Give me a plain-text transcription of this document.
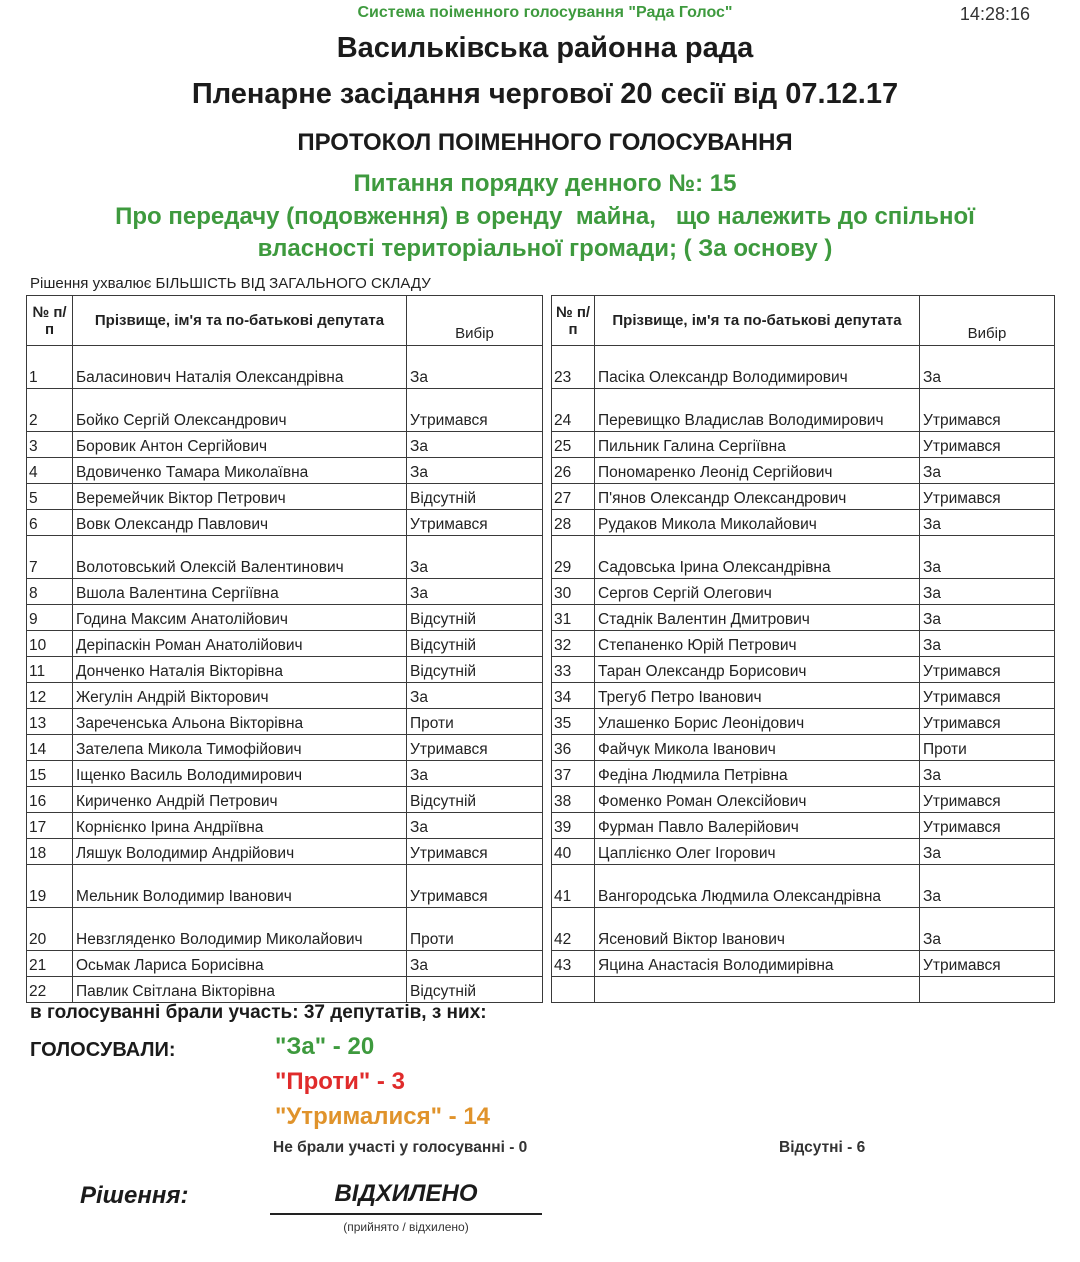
Система поіменного голосування "Рада Голос"	14:28:16
Васильківська районна рада
Пленарне засідання чергової 20 сесії від 07.12.17
ПРОТОКОЛ ПОІМЕННОГО ГОЛОСУВАННЯ
Питання порядку денного №: 15
Про передачу (подовження) в оренду  майна,   що належить до спільної
власності територіальної громади; ( За основу )
Рішення ухвалює БІЛЬШІСТЬ ВІД ЗАГАЛЬНОГО СКЛАДУ
№ п/п	Прізвище, ім'я та по-батькові депутата	Вибір
1	Баласинович Наталія Олександрівна	За
2	Бойко Сергій Олександрович	Утримався
3	Боровик Антон Сергійович	За
4	Вдовиченко Тамара Миколаївна	За
5	Веремейчик Віктор Петрович	Відсутній
6	Вовк Олександр Павлович	Утримався
7	Волотовський Олексій Валентинович	За
8	Вшола Валентина Сергіївна	За
9	Година Максим Анатолійович	Відсутній
10	Деріпаскін Роман Анатолійович	Відсутній
11	Донченко Наталія Вікторівна	Відсутній
12	Жегулін Андрій Вікторович	За
13	Зареченська Альона Вікторівна	Проти
14	Зателепа Микола Тимофійович	Утримався
15	Іщенко Василь Володимирович	За
16	Кириченко Андрій Петрович	Відсутній
17	Корнієнко Ірина Андріївна	За
18	Ляшук Володимир Андрійович	Утримався
19	Мельник Володимир Іванович	Утримався
20	Невзгляденко Володимир Миколайович	Проти
21	Осьмак Лариса Борисівна	За
22	Павлик Світлана Вікторівна	Відсутній
№ п/п	Прізвище, ім'я та по-батькові депутата	Вибір
23	Пасіка Олександр Володимирович	За
24	Перевищко Владислав Володимирович	Утримався
25	Пильник Галина Сергіївна	Утримався
26	Пономаренко Леонід Сергійович	За
27	П'янов Олександр Олександрович	Утримався
28	Рудаков Микола Миколайович	За
29	Садовська Ірина Олександрівна	За
30	Сергов Сергій Олегович	За
31	Стаднік Валентин Дмитрович	За
32	Степаненко Юрій Петрович	За
33	Таран Олександр Борисович	Утримався
34	Трегуб Петро Іванович	Утримався
35	Улашенко Борис Леонідович	Утримався
36	Файчук Микола Іванович	Проти
37	Федіна Людмила Петрівна	За
38	Фоменко Роман Олексійович	Утримався
39	Фурман Павло Валерійович	Утримався
40	Цаплієнко Олег Ігорович	За
41	Вангородська Людмила Олександрівна	За
42	Ясеновий Віктор Іванович	За
43	Яцина Анастасія Володимирівна	Утримався

в голосуванні брали участь: 37 депутатів, з них:
ГОЛОСУВАЛИ:	"За" - 20
"Проти" - 3
"Утрималися" - 14
Не брали участі у голосуванні - 0	Відсутні - 6
Рішення:	ВІДХИЛЕНО
(прийнято / відхилено)
